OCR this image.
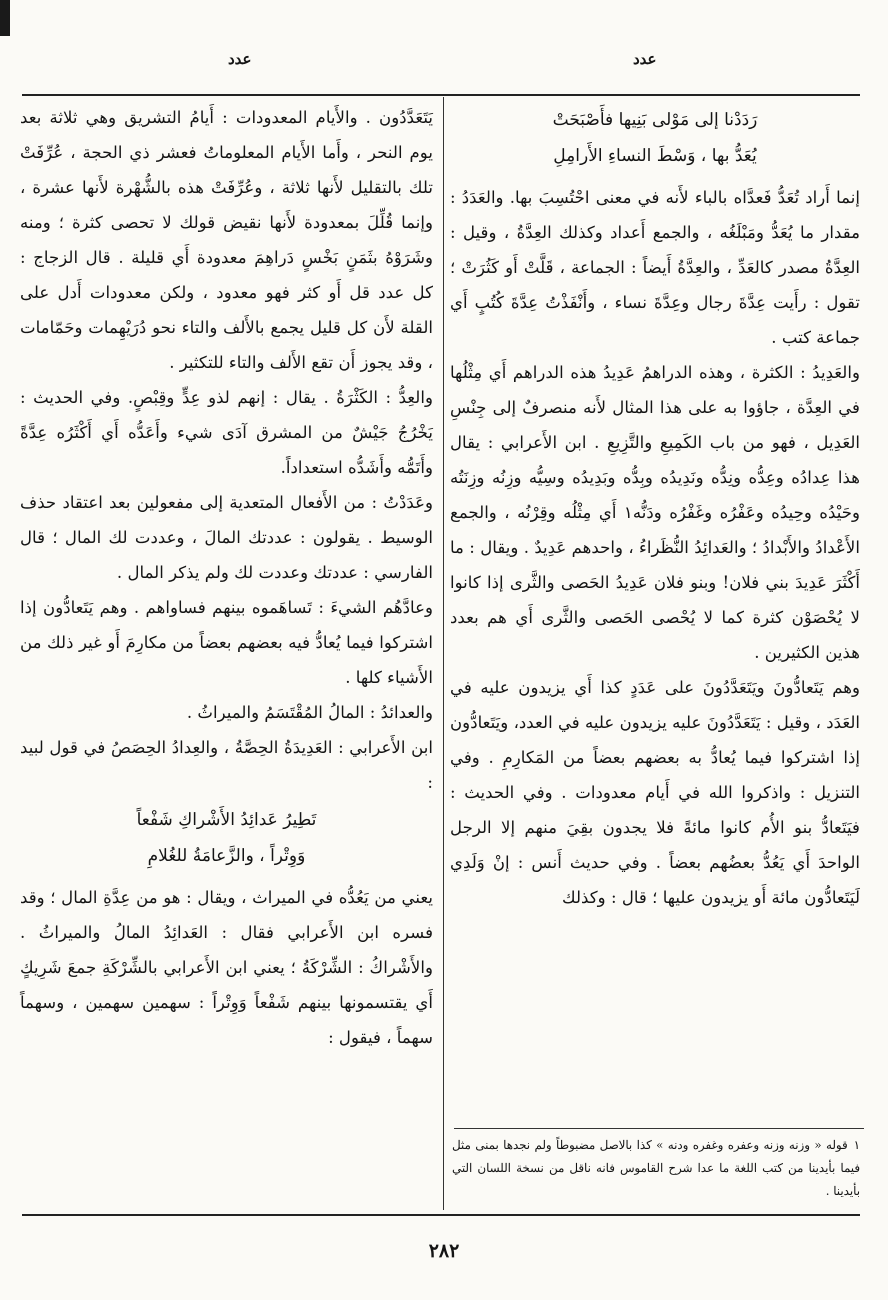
عدد	عدد
رَدَدْنا إلى مَوْلى بَنِيها فأَصْبَحَتْ
يُعَدُّ بها ، وَسْطَ النساءِ الأَرامِلِ

إنما أَراد تُعَدُّ فَعدَّاه بالباء لأَنه في معنى احْتُسِبَ بها. والعَدَدُ : مقدار ما يُعَدُّ ومَبْلَغُه ، والجمع أَعداد وكذلك العِدَّةُ ، وقيل : العِدَّةُ مصدر كالعَدِّ ، والعِدَّةُ أَيضاً : الجماعة ، قَلَّتْ أَو كَثُرَتْ ؛ تقول : رأَيت عِدَّةَ رجال وعِدَّةَ نساء ، وأَنْفَذْتُ عِدَّةَ كُتُبٍ أَي جماعة كتب .

والعَدِيدُ : الكثرة ، وهذه الدراهمُ عَدِيدُ هذه الدراهم أَي مِثْلُها في العِدَّة ، جاؤوا به على هذا المثال لأَنه منصرفٌ إلى جِنْسِ العَدِيل ، فهو من باب الكَمِيعِ والتَّزِيعِ . ابن الأَعرابي : يقال هذا عِدادُه وعِدُّه ونِدُّه ونَدِيدُه وبِدُّه وبَدِيدُه وسِيُّه وزِنُه وزِنَتُه وحَيْدُه وحِيدُه وعَفْرُه وغَفْرُه ودَنُّه١ أَي مِثْلُه وقِرْنُه ، والجمع الأَعْدادُ والأَبْدادُ ؛ والعَدائِدُ النُّظَراءُ ، واحدهم عَدِيدٌ . ويقال : ما أَكْثَرَ عَدِيدَ بني فلان! وبنو فلان عَدِيدُ الحَصى والثَّرى إذا كانوا لا يُحْصَوْن كثرة كما لا يُحْصى الحَصى والثَّرى أَي هم بعدد هذين الكثيرين .

وهم يَتَعادُّونَ ويَتَعَدَّدُونَ على عَدَدٍ كذا أَي يزيدون عليه في العَدَد ، وقيل : يَتَعَدَّدُونَ عليه يزيدون عليه في العدد، ويَتَعادُّون إذا اشتركوا فيما يُعادُّ به بعضهم بعضاً من المَكارِمِ . وفي التنزيل : واذكروا الله في أَيام معدودات . وفي الحديث : فيَتَعادُّ بنو الأُم كانوا مائةً فلا يجدون بقِيَ منهم إلا الرجل الواحدَ أَي يَعُدُّ بعضُهم بعضاً . وفي حديث أَنس : إنْ وَلَدِي لَيَتَعادُّون مائة أَو يزيدون عليها ؛ قال : وكذلك

يَتَعَدَّدُون . والأَيام المعدودات : أَيامُ التشريق وهي ثلاثة بعد يوم النحر ، وأَما الأَيام المعلوماتُ فعشر ذي الحجة ، عُرِّفَتْ تلك بالتقليل لأَنها ثلاثة ، وعُرِّفَتْ هذه بالشُّهْرة لأَنها عشرة ، وإنما قُلِّلَ بمعدودة لأَنها نقيض قولك لا تحصى كثرة ؛ ومنه وشَرَوْهُ بثَمَنٍ بَخْسٍ دَراهِمَ معدودة أَي قليلة . قال الزجاج : كل عدد قل أَو كثر فهو معدود ، ولكن معدودات أَدل على القلة لأَن كل قليل يجمع بالأَلف والتاء نحو دُرَيْهِمات وحَمّامات ، وقد يجوز أَن تقع الأَلف والتاء للتكثير .

والعِدُّ : الكَثْرَةُ . يقال : إنهم لذو عِدٍّ وقِبْصٍ. وفي الحديث : يَخْرُجُ جَيْشٌ من المشرق آدَى شيء وأَعَدُّه أَي أَكْثَرُه عِدَّةً وأَتَمُّه وأَشَدُّه استعداداً.

وعَدَدْتُ : من الأَفعال المتعدية إلى مفعولين بعد اعتقاد حذف الوسيط . يقولون : عددتك المالَ ، وعددت لك المال ؛ قال الفارسي : عددتك وعددت لك ولم يذكر المال .

وعادَّهُم الشيءَ : تَساهَموه بينهم فساواهم . وهم يَتَعادُّون إذا اشتركوا فيما يُعادُّ فيه بعضهم بعضاً من مكارِمَ أَو غير ذلك من الأَشياء كلها .

والعدائدُ : المالُ المُقْتَسَمُ والميراثُ .

ابن الأَعرابي : العَدِيدَةُ الحِصَّةُ ، والعِدادُ الحِصَصُ في قول لبيد :

تَطِيرُ عَدائِدُ الأَشْراكِ شَفْعاً
وَوِتْراً ، والزَّعامَةُ للغُلامِ

يعني من يَعُدُّه في الميراث ، ويقال : هو من عِدَّةِ المال ؛ وقد فسره ابن الأَعرابي فقال : العَدائِدُ المالُ والميراثُ . والأَشْراكُ : الشِّرْكَةُ ؛ يعني ابن الأَعرابي بالشِّرْكَةِ جمعَ شَرِيكٍ أَي يقتسمونها بينهم شَفْعاً وَوِتْراً : سهمين سهمين ، وسهماً سهماً ، فيقول :

١قوله « وزنه وزنه وعفره وغفره ودنه » كذا بالاصل مضبوطاً ولم نجدها بمنى مثل فيما بأيدينا من كتب اللغة ما عدا شرح القاموس فانه ناقل من نسخة اللسان التي بأيدينا .
٢٨٢
